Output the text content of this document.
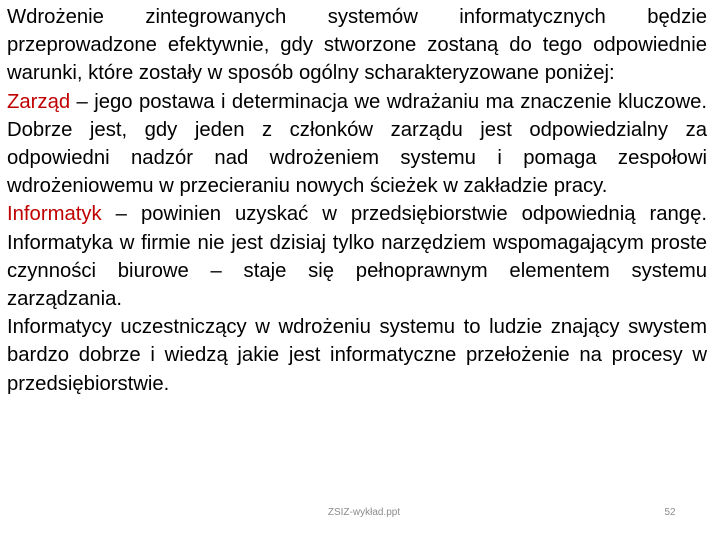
Wdrożenie zintegrowanych systemów informatycznych będzie przeprowadzone efektywnie, gdy stworzone zostaną do tego odpowiednie warunki, które zostały w sposób ogólny scharakteryzowane poniżej:

Zarząd – jego postawa i determinacja we wdrażaniu ma znaczenie kluczowe. Dobrze jest, gdy jeden z członków zarządu jest odpowiedzialny za odpowiedni nadzór nad wdrożeniem systemu i pomaga zespołowi wdrożeniowemu w przecieraniu nowych ścieżek w zakładzie pracy.

Informatyk – powinien uzyskać w przedsiębiorstwie odpowiednią rangę. Informatyka w firmie nie jest dzisiaj tylko narzędziem wspomagającym proste czynności biurowe – staje się pełnoprawnym elementem systemu zarządzania.

Informatycy uczestniczący w wdrożeniu systemu to ludzie znający swystem bardzo dobrze i wiedzą jakie jest informatyczne przełożenie na procesy w przedsiębiorstwie.

ZSIZ-wykład.ppt	52
